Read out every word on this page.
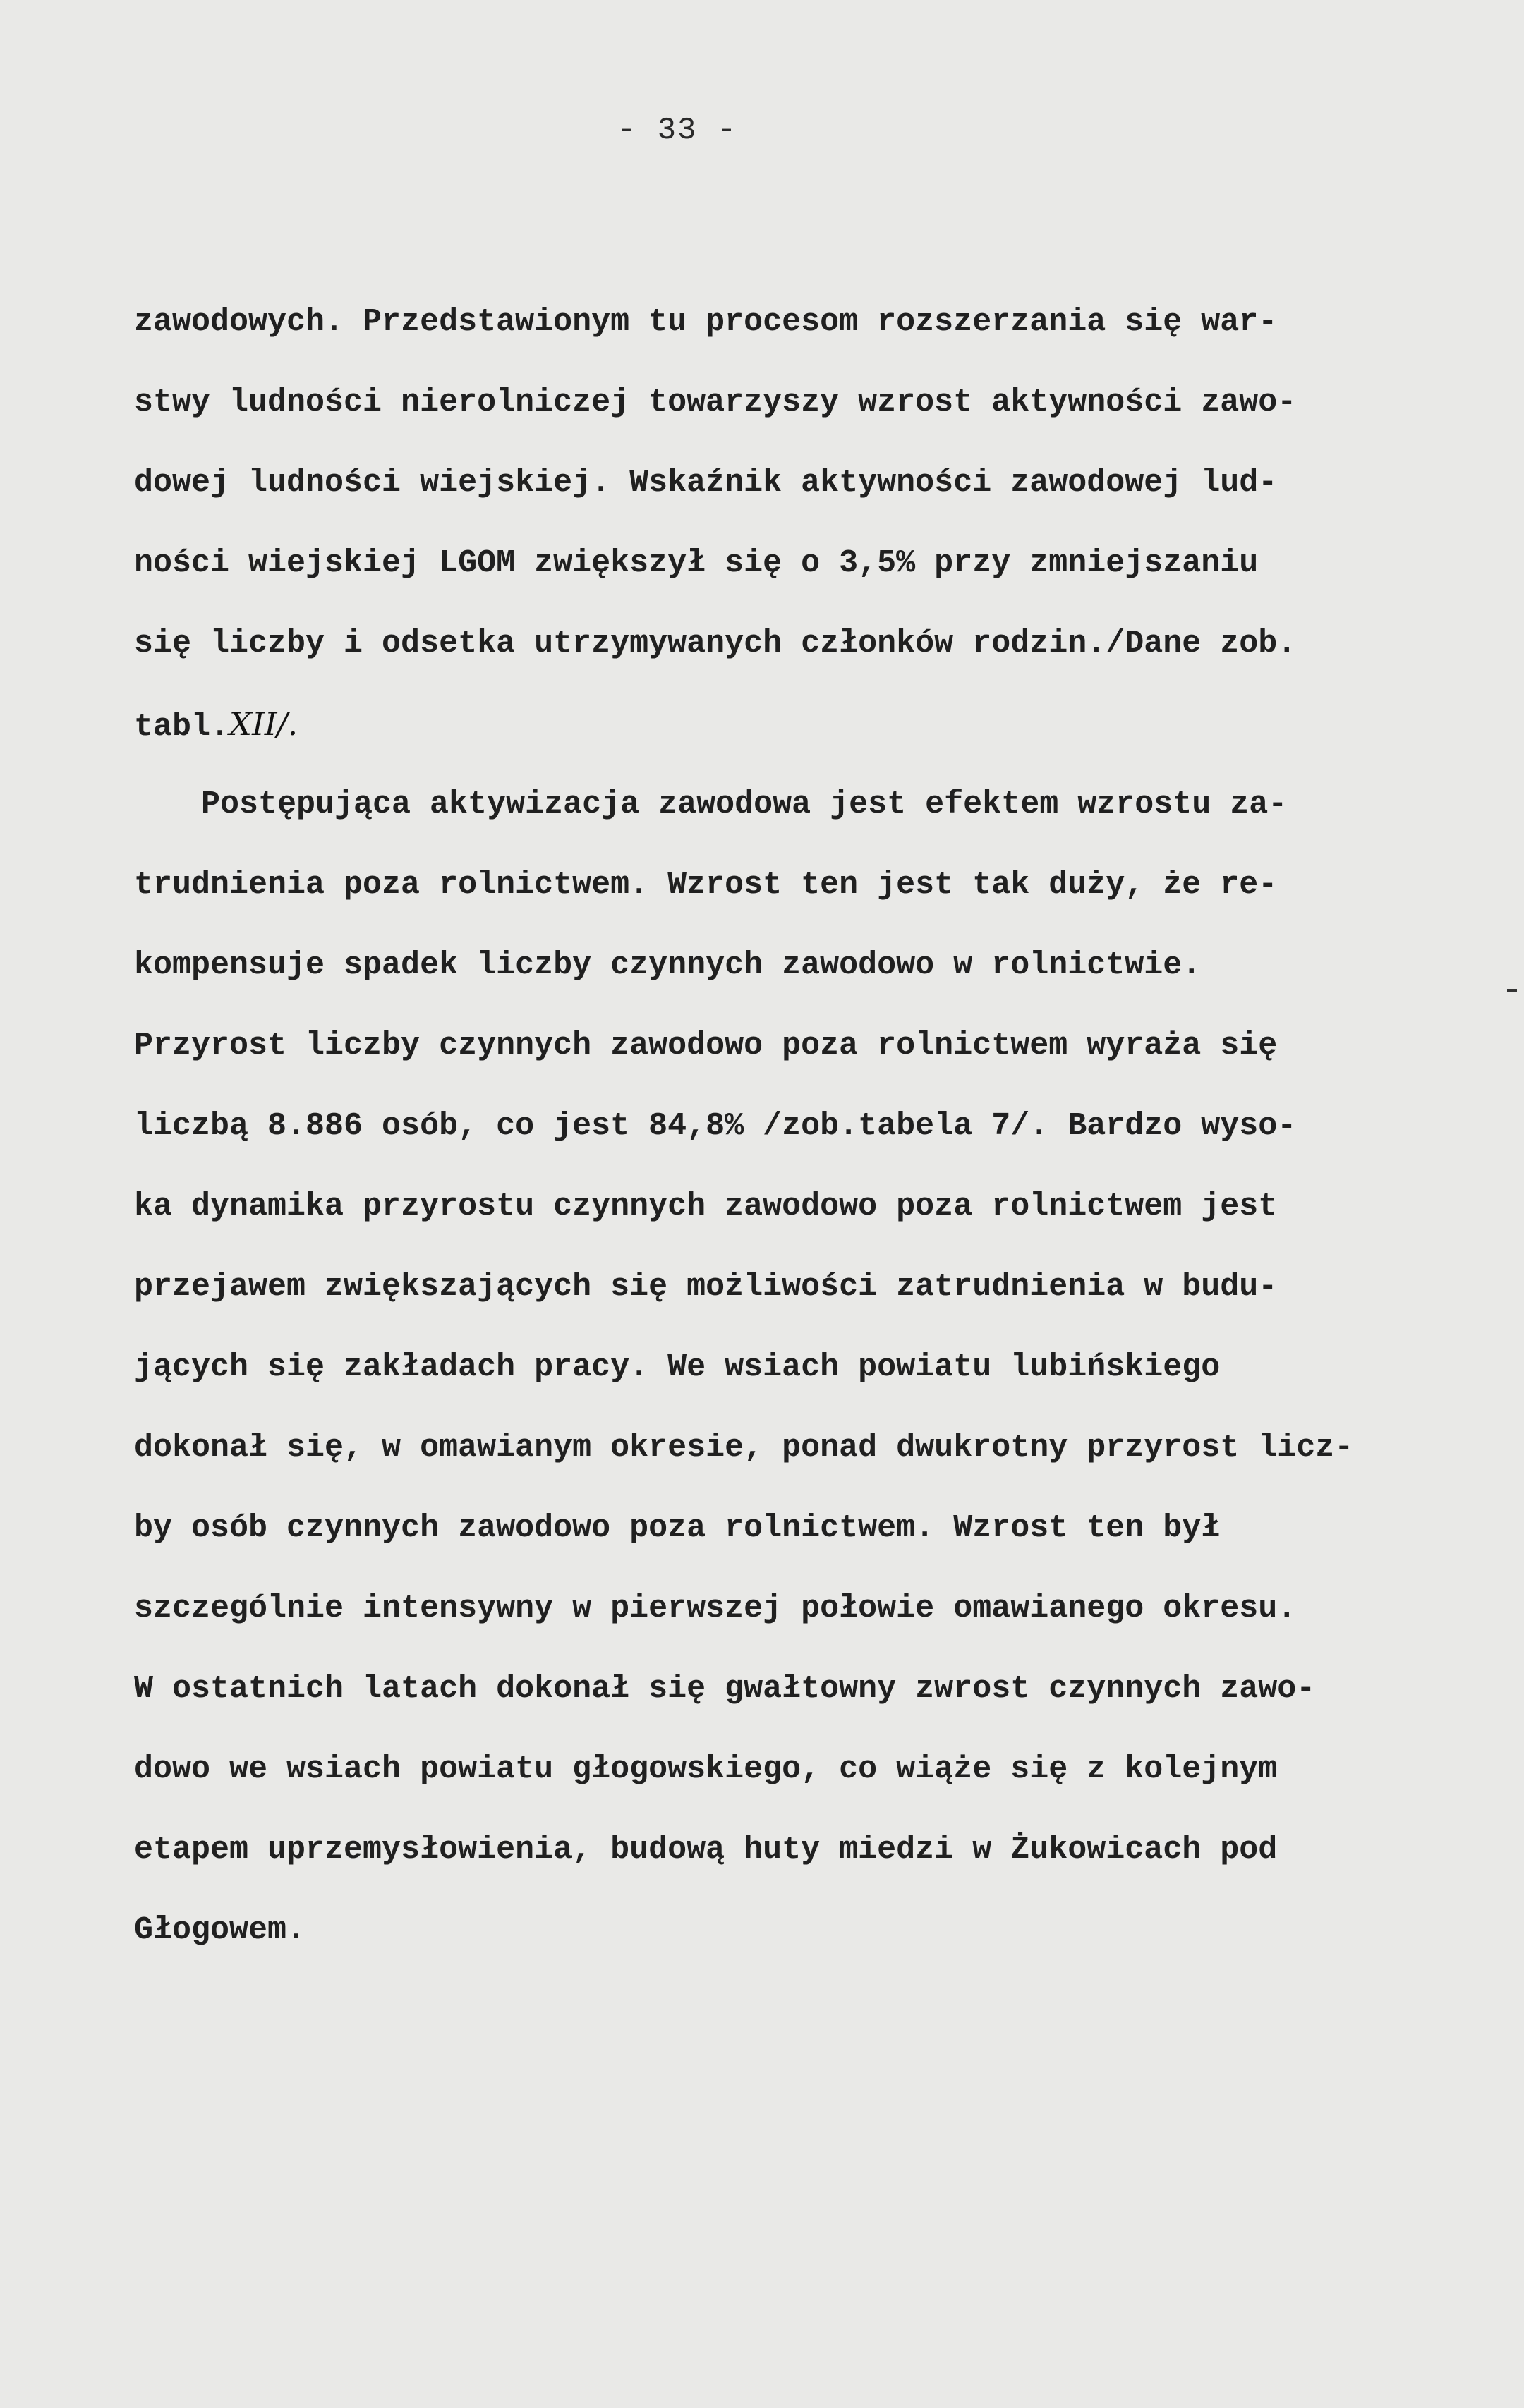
- 33 -
zawodowych. Przedstawionym tu procesom rozszerzania się war-
stwy ludności nierolniczej towarzyszy wzrost aktywności zawo-
dowej ludności wiejskiej. Wskaźnik aktywności zawodowej lud-
ności wiejskiej LGOM zwiększył się o 3,5% przy zmniejszaniu
się liczby i odsetka utrzymywanych członków rodzin./Dane zob.
tabl.XII/.
Postępująca aktywizacja zawodowa jest efektem wzrostu za-
trudnienia poza rolnictwem. Wzrost ten jest tak duży, że re-
kompensuje spadek liczby czynnych zawodowo w rolnictwie.
Przyrost liczby czynnych zawodowo poza rolnictwem wyraża się
liczbą 8.886 osób, co jest 84,8% /zob.tabela 7/. Bardzo wyso-
ka dynamika przyrostu czynnych zawodowo poza rolnictwem jest
przejawem zwiększających się możliwości zatrudnienia w budu-
jących się zakładach pracy. We wsiach powiatu lubińskiego
dokonał się, w omawianym okresie, ponad dwukrotny przyrost licz-
by osób czynnych zawodowo poza rolnictwem. Wzrost ten był
szczególnie intensywny w pierwszej połowie omawianego okresu.
W ostatnich latach dokonał się gwałtowny zwrost czynnych zawo-
dowo we wsiach powiatu głogowskiego, co wiąże się z kolejnym
etapem uprzemysłowienia, budową huty miedzi w Żukowicach pod
Głogowem.
